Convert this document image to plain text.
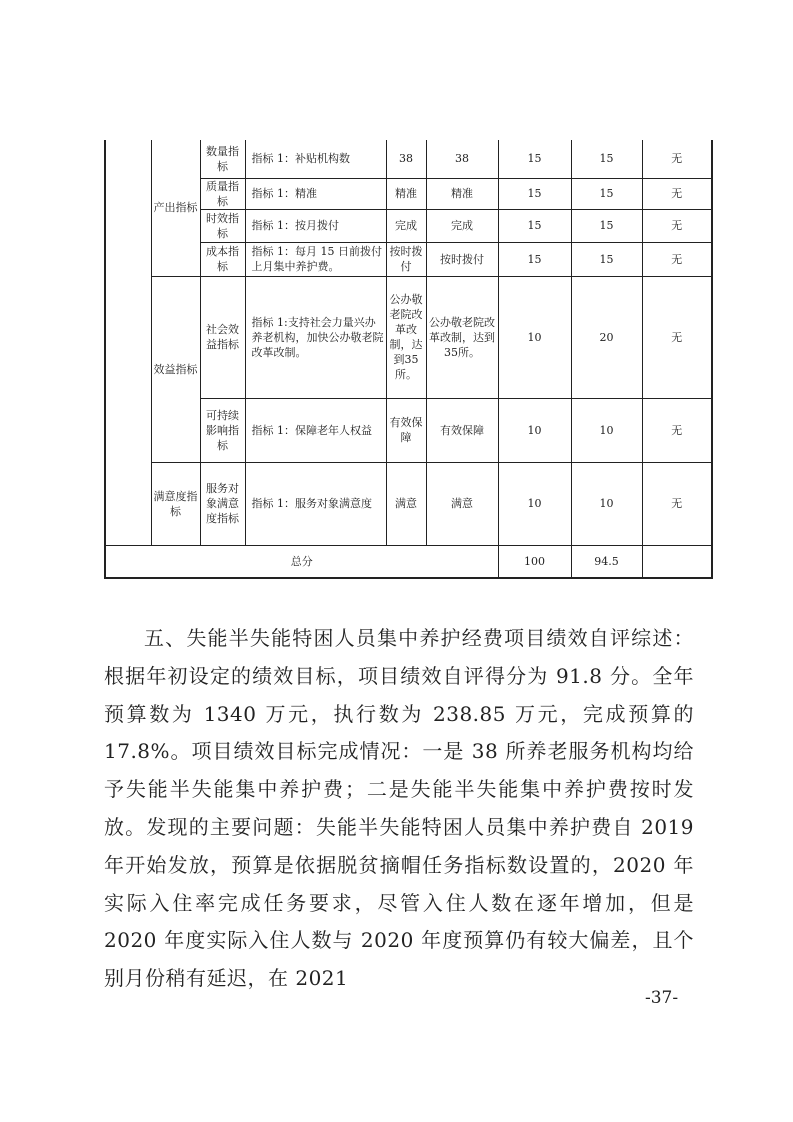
	产出指标	数量指标	指标 1：补贴机构数	38	38	15	15	无
		质量指标	指标 1：精准	精准	精准	15	15	无
		时效指标	指标 1：按月拨付	完成	完成	15	15	无
		成本指标	指标 1：每月 15 日前拨付上月集中养护费。	按时拨付	按时拨付	15	15	无
	效益指标	社会效益指标	指标 1:支持社会力量兴办养老机构，加快公办敬老院改革改制。	公办敬老院改革改制，达到35所。	公办敬老院改革改制，达到35所。	10	20	无
		可持续影响指标	指标 1：保障老年人权益	有效保障	有效保障	10	10	无
	满意度指标	服务对象满意度指标	指标 1：服务对象满意度	满意	满意	10	10	无
总分						100	94.5	

五、失能半失能特困人员集中养护经费项目绩效自评综述：根据年初设定的绩效目标，项目绩效自评得分为 91.8 分。全年预算数为 1340 万元，执行数为 238.85 万元，完成预算的 17.8%。项目绩效目标完成情况：一是 38 所养老服务机构均给予失能半失能集中养护费；二是失能半失能集中养护费按时发放。发现的主要问题：失能半失能特困人员集中养护费自 2019 年开始发放，预算是依据脱贫摘帽任务指标数设置的，2020 年实际入住率完成任务要求，尽管入住人数在逐年增加，但是 2020 年度实际入住人数与 2020 年度预算仍有较大偏差，且个别月份稍有延迟，在 2021

-37-
